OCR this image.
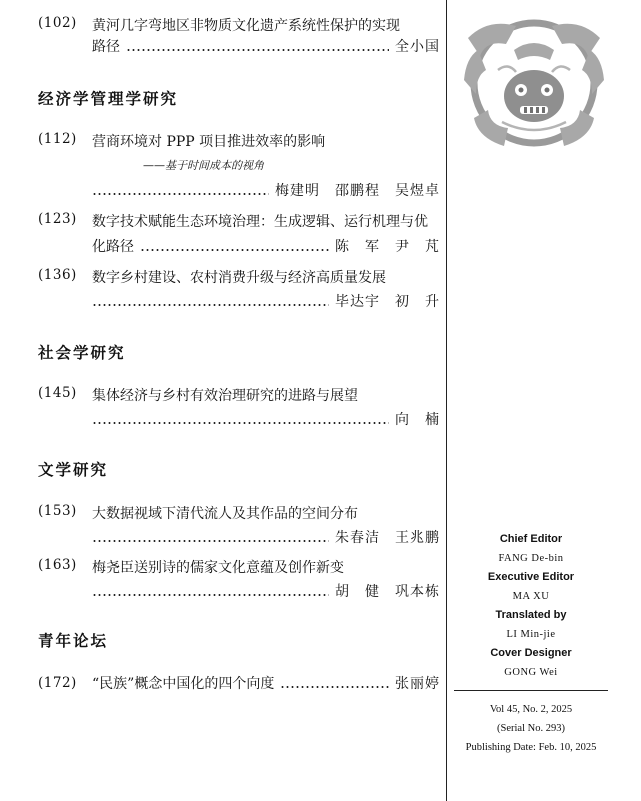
(102) 黄河几字弯地区非物质文化遗产系统性保护的实现
路径	全小国
经济学管理学研究
(112) 营商环境对 PPP 项目推进效率的影响
——基于时间成本的视角
梅建明　邵鹏程　吴煜卓
(123) 数字技术赋能生态环境治理：生成逻辑、运行机理与优
化路径	陈　军　尹　芃
(136) 数字乡村建设、农村消费升级与经济高质量发展
毕达宇　初　升
社会学研究
(145) 集体经济与乡村有效治理研究的进路与展望
向　楠
文学研究
(153) 大数据视域下清代流人及其作品的空间分布
朱春洁　王兆鹏
(163) 梅尧臣送别诗的儒家文化意蕴及创作新变
胡　健　巩本栋
青年论坛
(172) “民族”概念中国化的四个向度	张丽婷
Chief Editor
FANG De-bin
Executive Editor
MA XU
Translated by
LI Min-jie
Cover Designer
GONG Wei
Vol 45, No. 2, 2025
(Serial No. 293)
Publishing Date: Feb. 10, 2025
